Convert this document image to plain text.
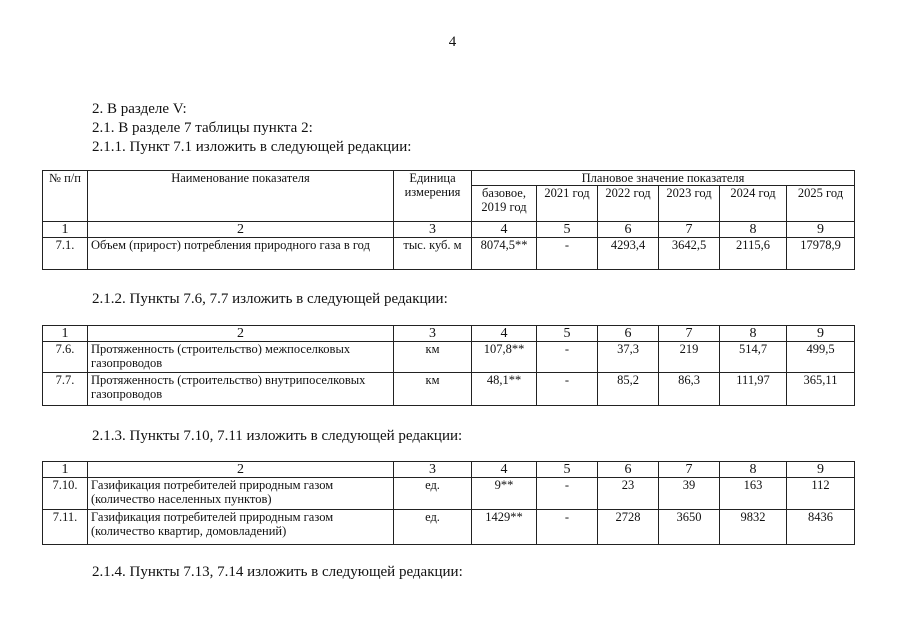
4
2. В разделе V:
2.1. В разделе 7 таблицы пункта 2:
2.1.1. Пункт 7.1 изложить в следующей редакции:
№ п/п	Наименование показателя	Единица измерения	Плановое значение показателя					
			базовое, 2019 год	2021 год	2022 год	2023 год	2024 год	2025 год
1	2	3	4	5	6	7	8	9
7.1.	Объем (прирост) потребления природного газа в год	тыс. куб. м	8074,5**	-	4293,4	3642,5	2115,6	17978,9
2.1.2. Пункты 7.6, 7.7 изложить в следующей редакции:
1	2	3	4	5	6	7	8	9
7.6.	Протяженность (строительство) межпоселковых газопроводов	км	107,8**	-	37,3	219	514,7	499,5
7.7.	Протяженность (строительство) внутрипоселковых газопроводов	км	48,1**	-	85,2	86,3	111,97	365,11
2.1.3. Пункты 7.10, 7.11 изложить в следующей редакции:
1	2	3	4	5	6	7	8	9
7.10.	Газификация потребителей природным газом (количество населенных пунктов)	ед.	9**	-	23	39	163	112
7.11.	Газификация потребителей природным газом (количество квартир, домовладений)	ед.	1429**	-	2728	3650	9832	8436
2.1.4. Пункты 7.13, 7.14 изложить в следующей редакции:
